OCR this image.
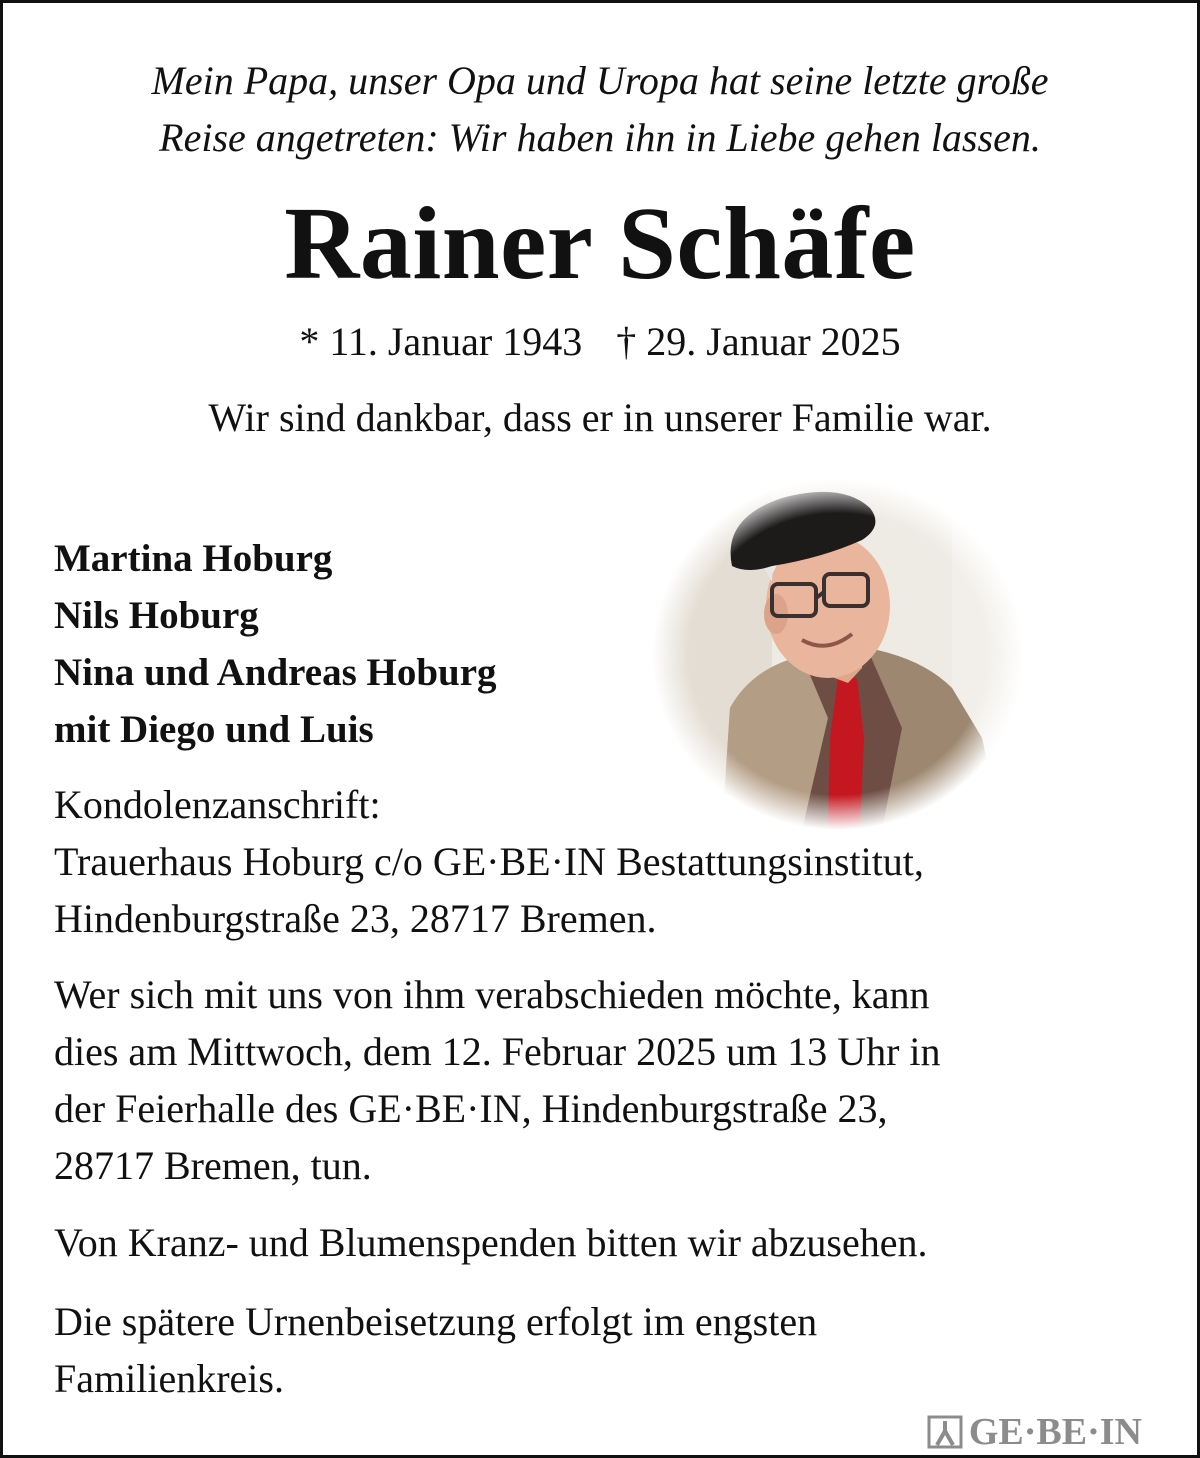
Mein Papa, unser Opa und Uropa hat seine letzte große
Reise angetreten: Wir haben ihn in Liebe gehen lassen.
Rainer Schäfe
* 11. Januar 1943 † 29. Januar 2025
Wir sind dankbar, dass er in unserer Familie war.
Martina Hoburg
Nils Hoburg
Nina und Andreas Hoburg
mit Diego und Luis
Kondolenzanschrift:
Trauerhaus Hoburg c/o GE·BE·IN Bestattungsinstitut,
Hindenburgstraße 23, 28717 Bremen.
Wer sich mit uns von ihm verabschieden möchte, kann
dies am Mittwoch, dem 12. Februar 2025 um 13 Uhr in
der Feierhalle des GE·BE·IN, Hindenburgstraße 23,
28717 Bremen, tun.
Von Kranz- und Blumenspenden bitten wir abzusehen.
Die spätere Urnenbeisetzung erfolgt im engsten
Familienkreis.
GE·BE·IN
